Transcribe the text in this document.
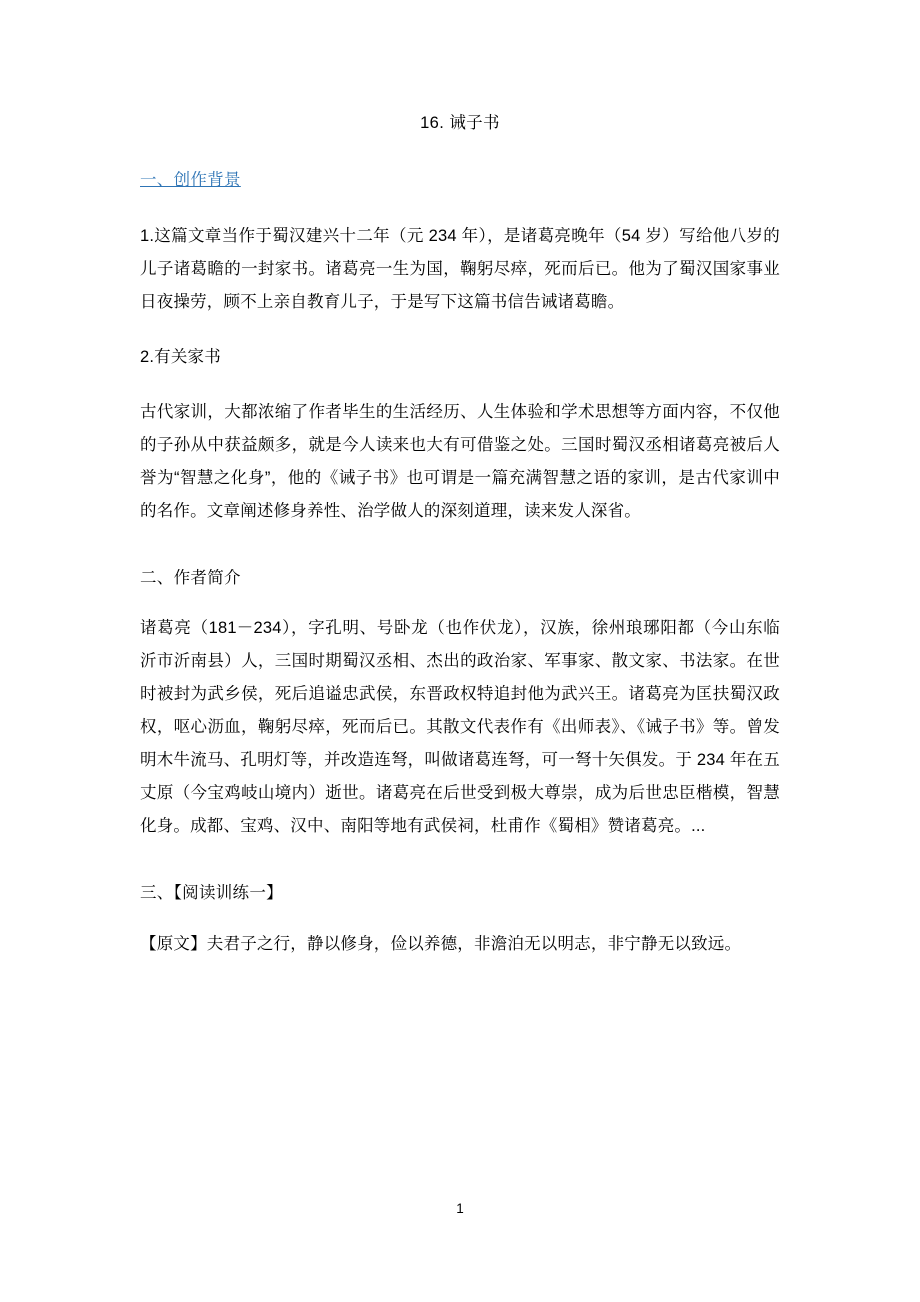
16. 诫子书
一、创作背景

1.这篇文章当作于蜀汉建兴十二年（元 234 年），是诸葛亮晚年（54 岁）写给他八岁的儿子诸葛瞻的一封家书。诸葛亮一生为国，鞠躬尽瘁，死而后已。他为了蜀汉国家事业日夜操劳，顾不上亲自教育儿子，于是写下这篇书信告诫诸葛瞻。

2.有关家书

古代家训，大都浓缩了作者毕生的生活经历、人生体验和学术思想等方面内容，不仅他的子孙从中获益颇多，就是今人读来也大有可借鉴之处。三国时蜀汉丞相诸葛亮被后人誉为“智慧之化身”，他的《诫子书》也可谓是一篇充满智慧之语的家训，是古代家训中的名作。文章阐述修身养性、治学做人的深刻道理，读来发人深省。

二、作者简介

诸葛亮（181－234），字孔明、号卧龙（也作伏龙），汉族，徐州琅琊阳都（今山东临沂市沂南县）人，三国时期蜀汉丞相、杰出的政治家、军事家、散文家、书法家。在世时被封为武乡侯，死后追谥忠武侯，东晋政权特追封他为武兴王。诸葛亮为匡扶蜀汉政权，呕心沥血，鞠躬尽瘁，死而后已。其散文代表作有《出师表》、《诫子书》等。曾发明木牛流马、孔明灯等，并改造连弩，叫做诸葛连弩，可一弩十矢俱发。于 234 年在五丈原（今宝鸡岐山境内）逝世。诸葛亮在后世受到极大尊崇，成为后世忠臣楷模，智慧化身。成都、宝鸡、汉中、南阳等地有武侯祠，杜甫作《蜀相》赞诸葛亮。...

三、【阅读训练一】

【原文】夫君子之行，静以修身，俭以养德，非澹泊无以明志，非宁静无以致远。

1
